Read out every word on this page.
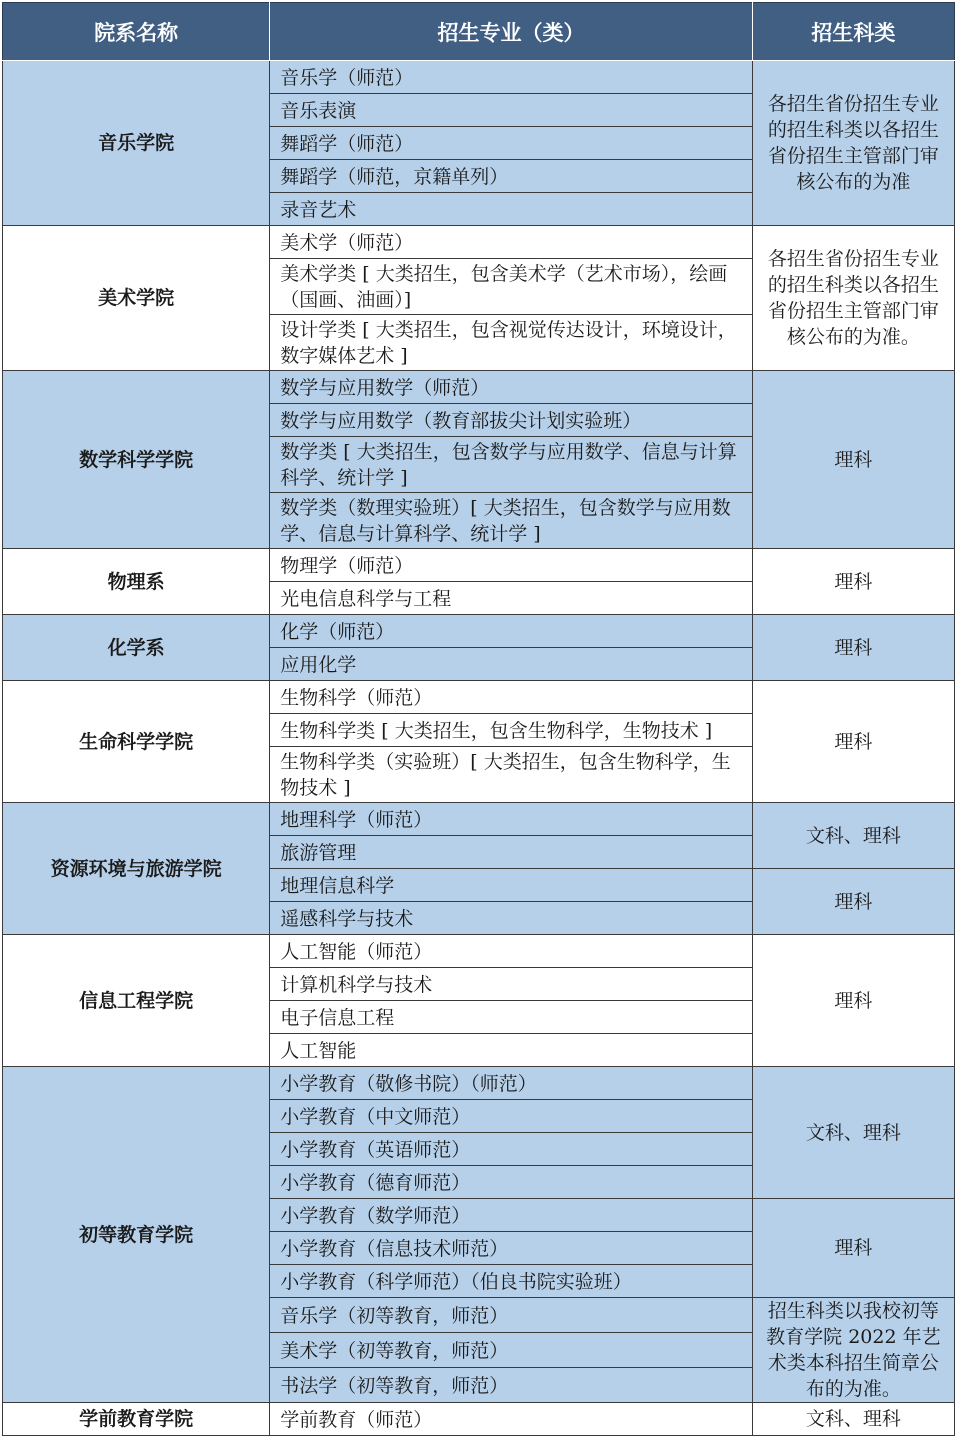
院系名称	招生专业（类）	招生科类
音乐学院	音乐学（师范）	各招生省份招生专业的招生科类以各招生省份招生主管部门审核公布的为准
	音乐表演	
	舞蹈学（师范）	
	舞蹈学（师范，京籍单列）	
	录音艺术	
美术学院	美术学（师范）	各招生省份招生专业的招生科类以各招生省份招生主管部门审核公布的为准。
	美术学类 [ 大类招生，包含美术学（艺术市场），绘画（国画、油画）]	
	设计学类 [ 大类招生，包含视觉传达设计，环境设计，数字媒体艺术 ]	
数学科学学院	数学与应用数学（师范）	理科
	数学与应用数学（教育部拔尖计划实验班）	
	数学类 [ 大类招生，包含数学与应用数学、信息与计算科学、统计学 ]	
	数学类（数理实验班）[ 大类招生，包含数学与应用数学、信息与计算科学、统计学 ]	
物理系	物理学（师范）	理科
	光电信息科学与工程	
化学系	化学（师范）	理科
	应用化学	
生命科学学院	生物科学（师范）	理科
	生物科学类 [ 大类招生，包含生物科学，生物技术 ]	
	生物科学类（实验班）[ 大类招生，包含生物科学，生物技术 ]	
资源环境与旅游学院	地理科学（师范）	文科、理科
	旅游管理	
	地理信息科学	理科
	遥感科学与技术	
信息工程学院	人工智能（师范）	理科
	计算机科学与技术	
	电子信息工程	
	人工智能	
初等教育学院	小学教育（敬修书院）（师范）	文科、理科
	小学教育（中文师范）	
	小学教育（英语师范）	
	小学教育（德育师范）	
	小学教育（数学师范）	理科
	小学教育（信息技术师范）	
	小学教育（科学师范）（伯良书院实验班）	
	音乐学（初等教育，师范）	招生科类以我校初等教育学院 2022 年艺术类本科招生简章公布的为准。
	美术学（初等教育，师范）	
	书法学（初等教育，师范）	
学前教育学院	学前教育（师范）	文科、理科
